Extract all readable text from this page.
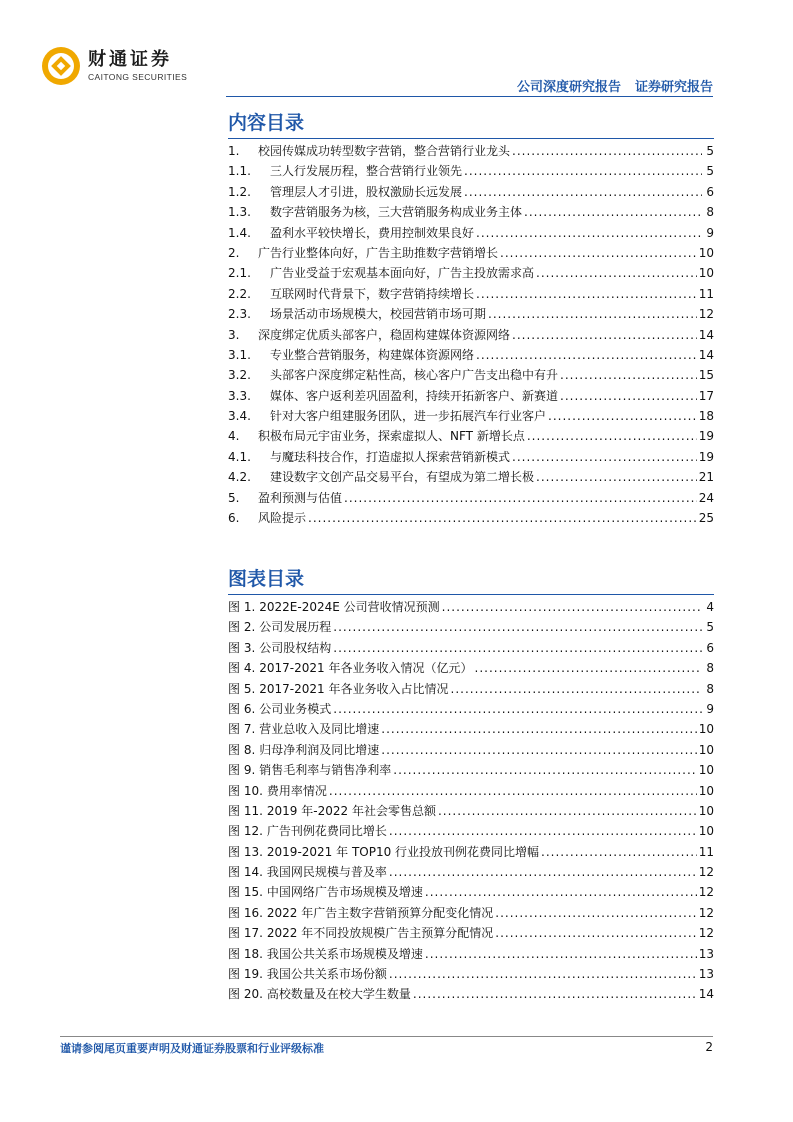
财通证券
CAITONG SECURITIES
公司深度研究报告 证券研究报告
内容目录
1.	校园传媒成功转型数字营销，整合营销行业龙头 .....	5
1.1.	三人行发展历程，整合营销行业领先 .....	5
1.2.	管理层人才引进，股权激励长远发展 .....	6
1.3.	数字营销服务为核，三大营销服务构成业务主体 .....	8
1.4.	盈利水平较快增长，费用控制效果良好 .....	9
2.	广告行业整体向好，广告主助推数字营销增长 .....	10
2.1.	广告业受益于宏观基本面向好，广告主投放需求高 .....	10
2.2.	互联网时代背景下，数字营销持续增长 .....	11
2.3.	场景活动市场规模大，校园营销市场可期 .....	12
3.	深度绑定优质头部客户，稳固构建媒体资源网络 .....	14
3.1.	专业整合营销服务，构建媒体资源网络 .....	14
3.2.	头部客户深度绑定粘性高，核心客户广告支出稳中有升 .....	15
3.3.	媒体、客户返利差巩固盈利，持续开拓新客户、新赛道 .....	17
3.4.	针对大客户组建服务团队，进一步拓展汽车行业客户 .....	18
4.	积极布局元宇宙业务，探索虚拟人、NFT 新增长点 .....	19
4.1.	与魔珐科技合作，打造虚拟人探索营销新模式 .....	19
4.2.	建设数字文创产品交易平台，有望成为第二增长极 .....	21
5.	盈利预测与估值 .....	24
6.	风险提示 .....	25
图表目录
图 1. 2022E-2024E 公司营收情况预测 .....	4
图 2. 公司发展历程 .....	5
图 3. 公司股权结构 .....	6
图 4. 2017-2021 年各业务收入情况（亿元） .....	8
图 5. 2017-2021 年各业务收入占比情况 .....	8
图 6. 公司业务模式 .....	9
图 7. 营业总收入及同比增速 .....	10
图 8. 归母净利润及同比增速 .....	10
图 9. 销售毛利率与销售净利率 .....	10
图 10. 费用率情况 .....	10
图 11. 2019 年-2022 年社会零售总额 .....	10
图 12. 广告刊例花费同比增长 .....	10
图 13. 2019-2021 年 TOP10 行业投放刊例花费同比增幅 .....	11
图 14. 我国网民规模与普及率 .....	12
图 15. 中国网络广告市场规模及增速 .....	12
图 16. 2022 年广告主数字营销预算分配变化情况 .....	12
图 17. 2022 年不同投放规模广告主预算分配情况 .....	12
图 18. 我国公共关系市场规模及增速 .....	13
图 19. 我国公共关系市场份额 .....	13
图 20. 高校数量及在校大学生数量 .....	14
谨请参阅尾页重要声明及财通证券股票和行业评级标准	2
